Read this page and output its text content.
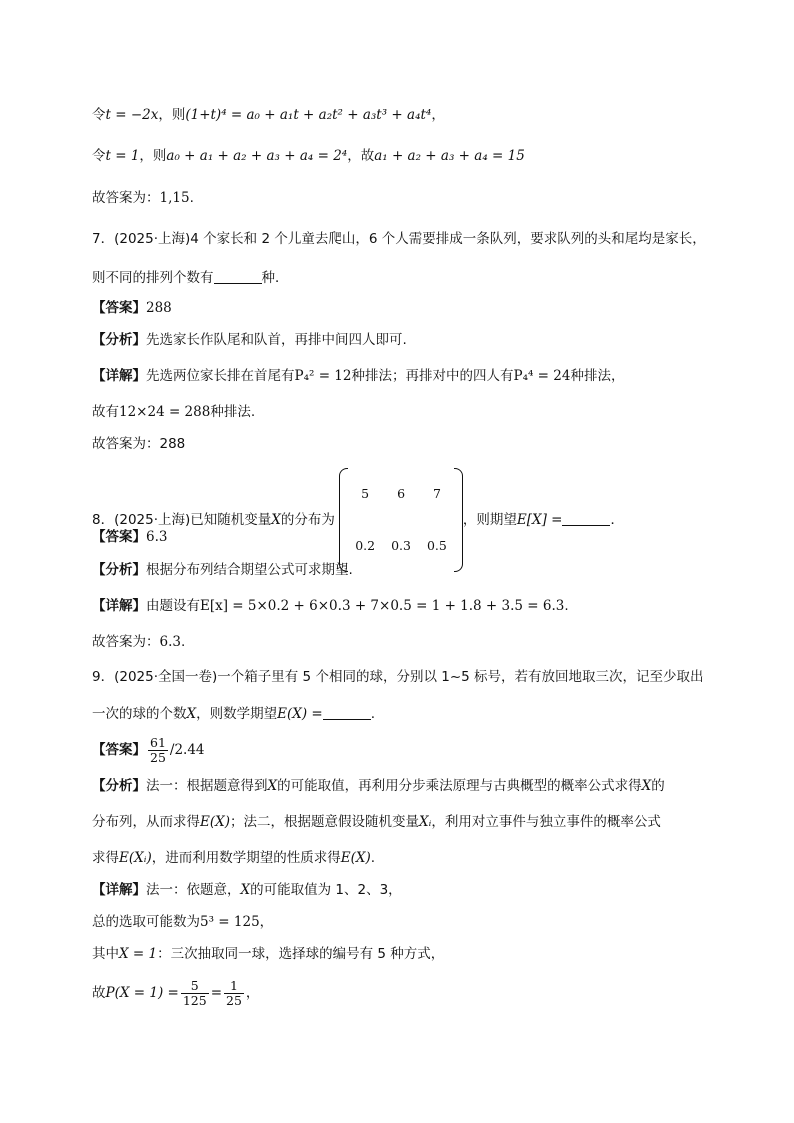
令t = −2x，则(1+t)⁴ = a₀ + a₁t + a₂t² + a₃t³ + a₄t⁴，
令t = 1，则a₀ + a₁ + a₂ + a₃ + a₄ = 2⁴，故a₁ + a₂ + a₃ + a₄ = 15
故答案为：1,15.
7．(2025·上海)4 个家长和 2 个儿童去爬山，6 个人需要排成一条队列，要求队列的头和尾均是家长，
则不同的排列个数有	种．
【答案】288
【分析】先选家长作队尾和队首，再排中间四人即可.
【详解】先选两位家长排在首尾有P₄² = 12种排法；再排对中的四人有P₄⁴ = 24种排法，
故有12×24 = 288种排法.
故答案为：288
8．(2025·上海)已知随机变量X的分布为
5	6	7
0.2	0.3	0.5
，则期望E[X] =	．
【答案】6.3
【分析】根据分布列结合期望公式可求期望.
【详解】由题设有E[x] = 5×0.2 + 6×0.3 + 7×0.5 = 1 + 1.8 + 3.5 = 6.3.
故答案为：6.3.
9．(2025·全国一卷)一个箱子里有 5 个相同的球，分别以 1~5 标号，若有放回地取三次，记至少取出
一次的球的个数X，则数学期望E(X) =	.
【答案】 $\frac{61}{25} /2.44$
【分析】法一：根据题意得到X的可能取值，再利用分步乘法原理与古典概型的概率公式求得X的
分布列，从而求得E(X)；法二，根据题意假设随机变量Xᵢ，利用对立事件与独立事件的概率公式
求得E(Xᵢ)，进而利用数学期望的性质求得E(X).
【详解】法一：依题意，X的可能取值为 1、2、3，
总的选取可能数为5³ = 125，
其中X = 1：三次抽取同一球，选择球的编号有 5 种方式，
故$P(X = 1) = \frac{5}{125} = \frac{1}{25}$ ，
